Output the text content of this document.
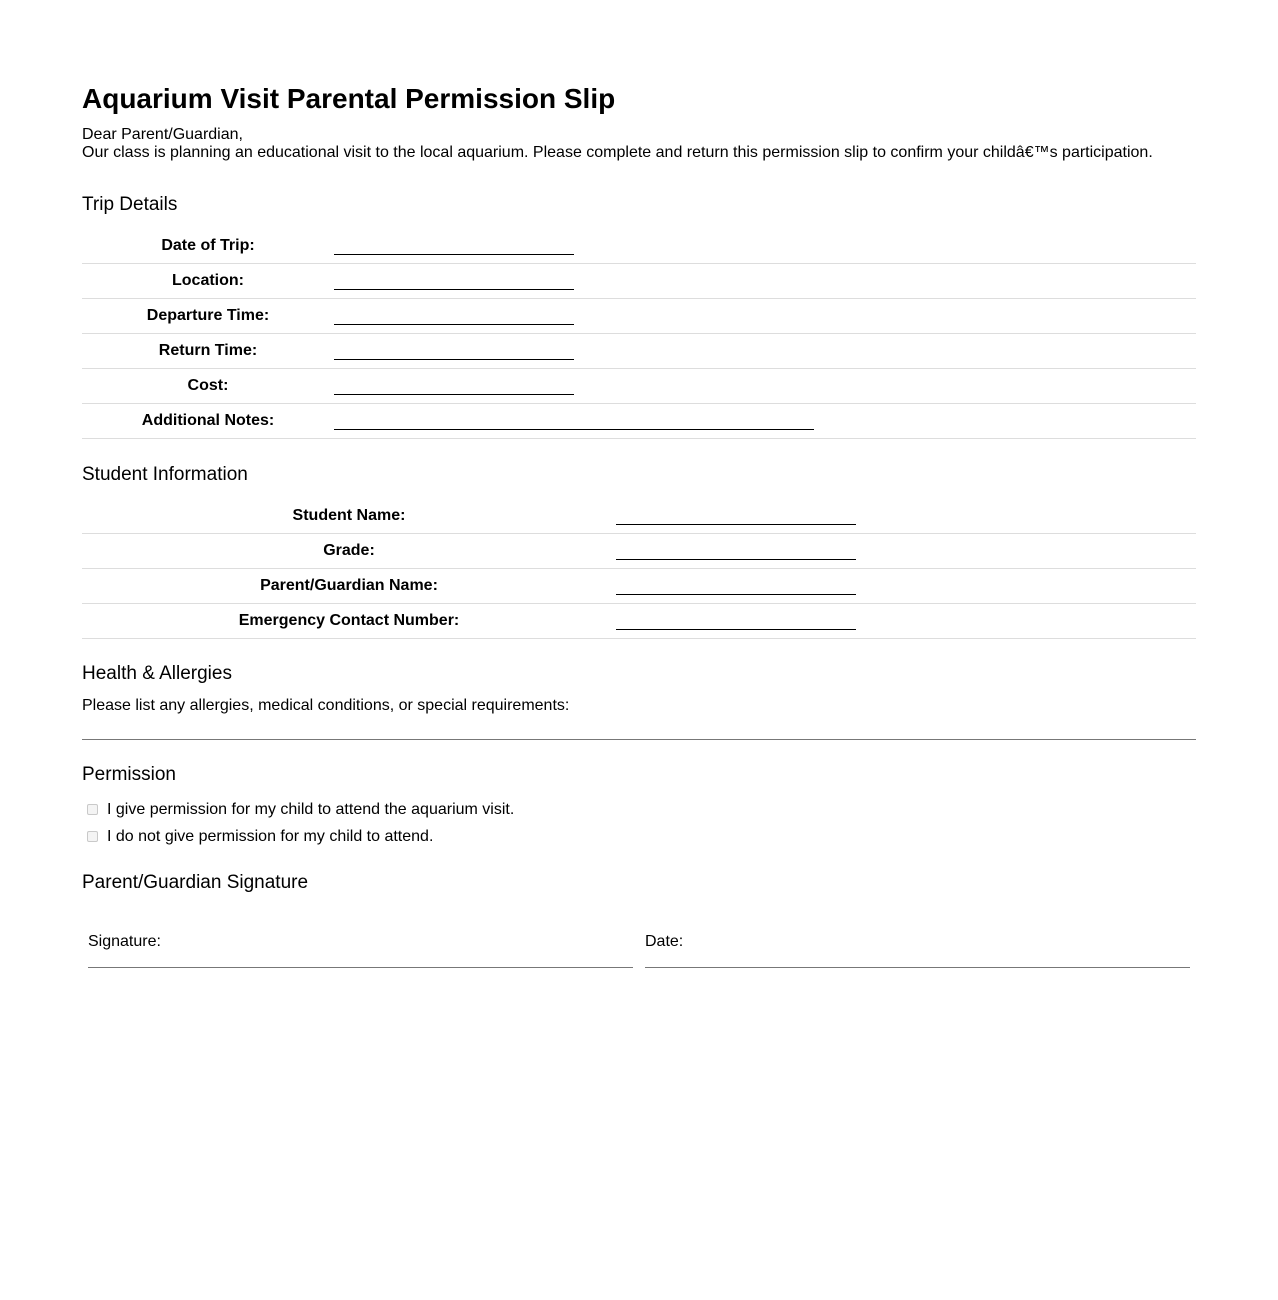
Aquarium Visit Parental Permission Slip
Dear Parent/Guardian,
Our class is planning an educational visit to the local aquarium. Please complete and return this permission slip to confirm your childâ€™s participation.
Trip Details
Date of Trip:	
Location:	
Departure Time:	
Return Time:	
Cost:	
Additional Notes:	
Student Information
Student Name:	
Grade:	
Parent/Guardian Name:	
Emergency Contact Number:	
Health & Allergies
Please list any allergies, medical conditions, or special requirements:
Permission
I give permission for my child to attend the aquarium visit.
I do not give permission for my child to attend.
Parent/Guardian Signature
Signature:	Date:
